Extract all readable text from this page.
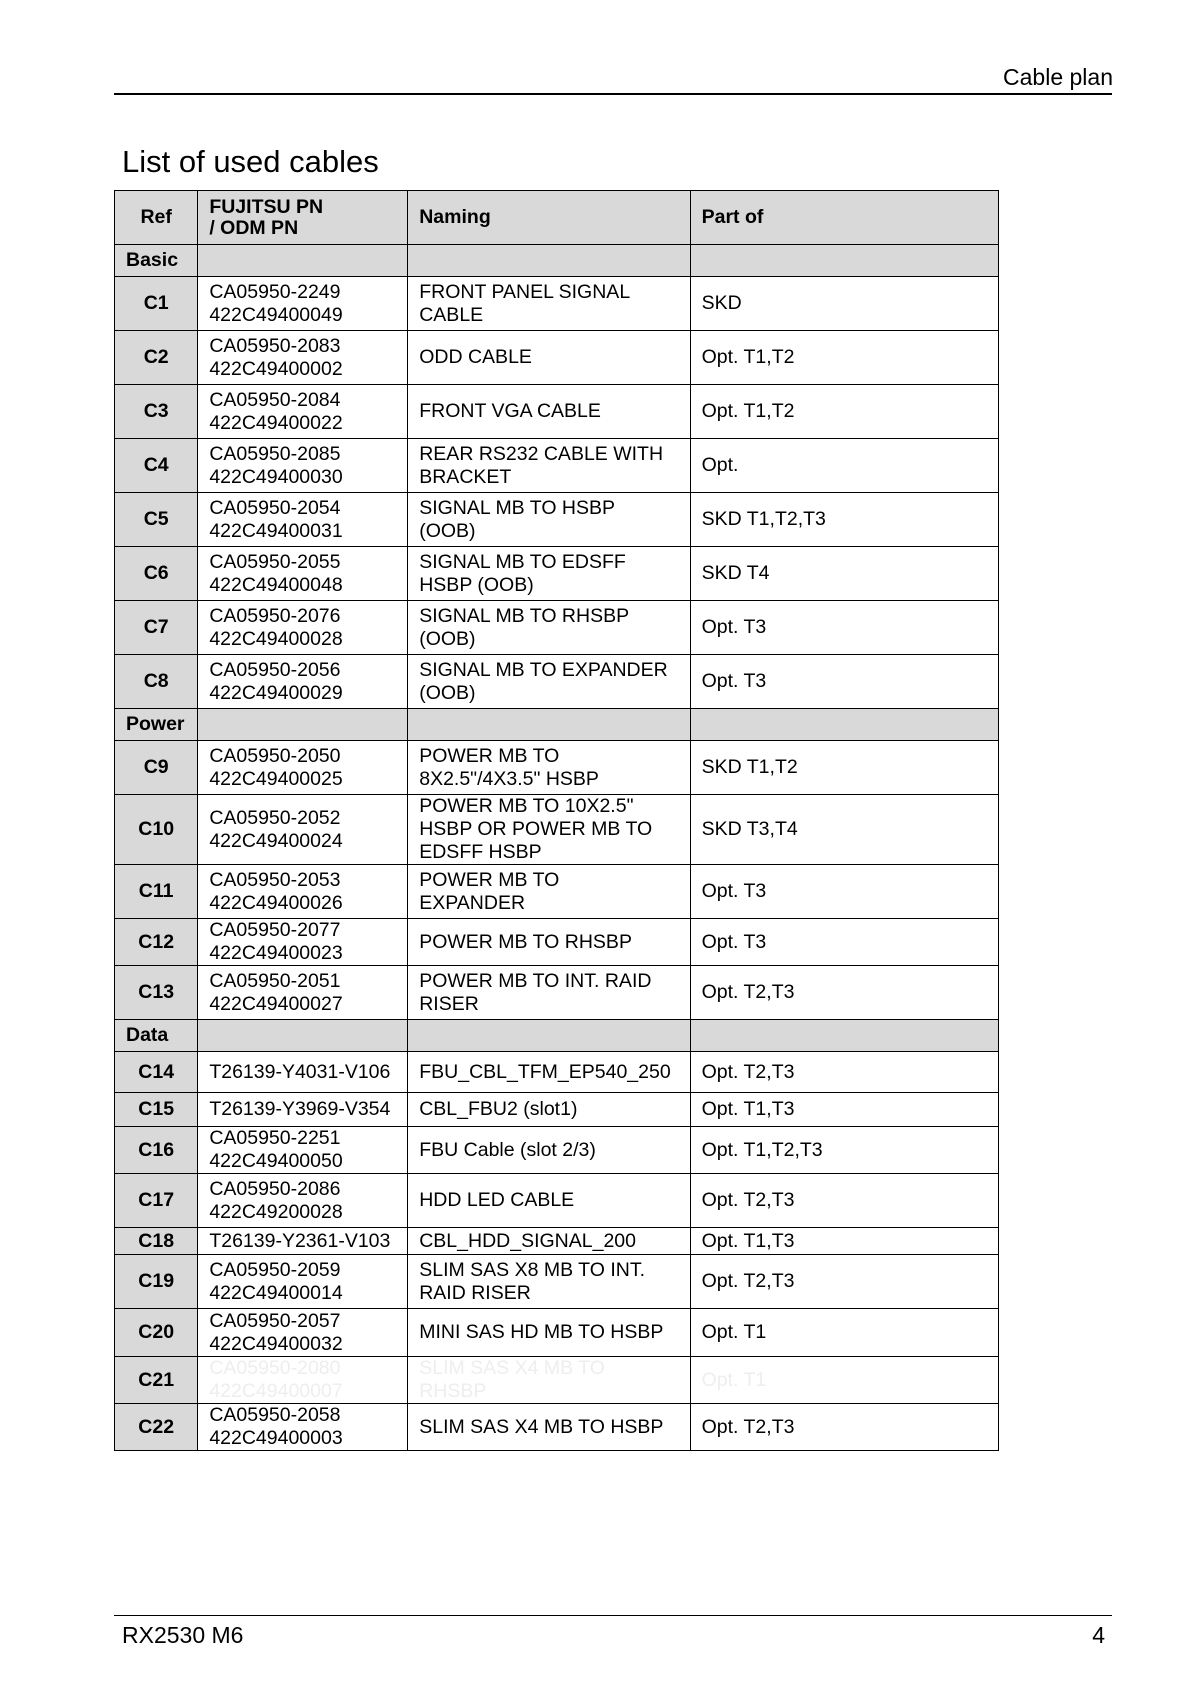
Cable plan
List of used cables
Ref	FUJITSU PN
/ ODM PN	Naming	Part of
Basic			
C1	CA05950-2249
422C49400049	FRONT PANEL SIGNAL
CABLE	SKD
C2	CA05950-2083
422C49400002	ODD CABLE	Opt. T1,T2
C3	CA05950-2084
422C49400022	FRONT VGA CABLE	Opt. T1,T2
C4	CA05950-2085
422C49400030	REAR RS232 CABLE WITH
BRACKET	Opt.
C5	CA05950-2054
422C49400031	SIGNAL MB TO HSBP
(OOB)	SKD T1,T2,T3
C6	CA05950-2055
422C49400048	SIGNAL MB TO EDSFF
HSBP (OOB)	SKD T4
C7	CA05950-2076
422C49400028	SIGNAL MB TO RHSBP
(OOB)	Opt. T3
C8	CA05950-2056
422C49400029	SIGNAL MB TO EXPANDER
(OOB)	Opt. T3
Power			
C9	CA05950-2050
422C49400025	POWER MB TO
8X2.5"/4X3.5" HSBP	SKD T1,T2
C10	CA05950-2052
422C49400024	POWER MB TO 10X2.5"
HSBP OR POWER MB TO
EDSFF HSBP	SKD T3,T4
C11	CA05950-2053
422C49400026	POWER MB TO
EXPANDER	Opt. T3
C12	CA05950-2077
422C49400023	POWER MB TO RHSBP	Opt. T3
C13	CA05950-2051
422C49400027	POWER MB TO INT. RAID
RISER	Opt. T2,T3
Data			
C14	T26139-Y4031-V106	FBU_CBL_TFM_EP540_250	Opt. T2,T3
C15	T26139-Y3969-V354	CBL_FBU2 (slot1)	Opt. T1,T3
C16	CA05950-2251
422C49400050	FBU Cable (slot 2/3)	Opt. T1,T2,T3
C17	CA05950-2086
422C49200028	HDD LED CABLE	Opt. T2,T3
C18	T26139-Y2361-V103	CBL_HDD_SIGNAL_200	Opt. T1,T3
C19	CA05950-2059
422C49400014	SLIM SAS X8 MB TO INT.
RAID RISER	Opt. T2,T3
C20	CA05950-2057
422C49400032	MINI SAS HD MB TO HSBP	Opt. T1
C21	CA05950-2080
422C49400007	SLIM SAS X4 MB TO
RHSBP	Opt. T1
C22	CA05950-2058
422C49400003	SLIM SAS X4 MB TO HSBP	Opt. T2,T3
RX2530 M6	4
